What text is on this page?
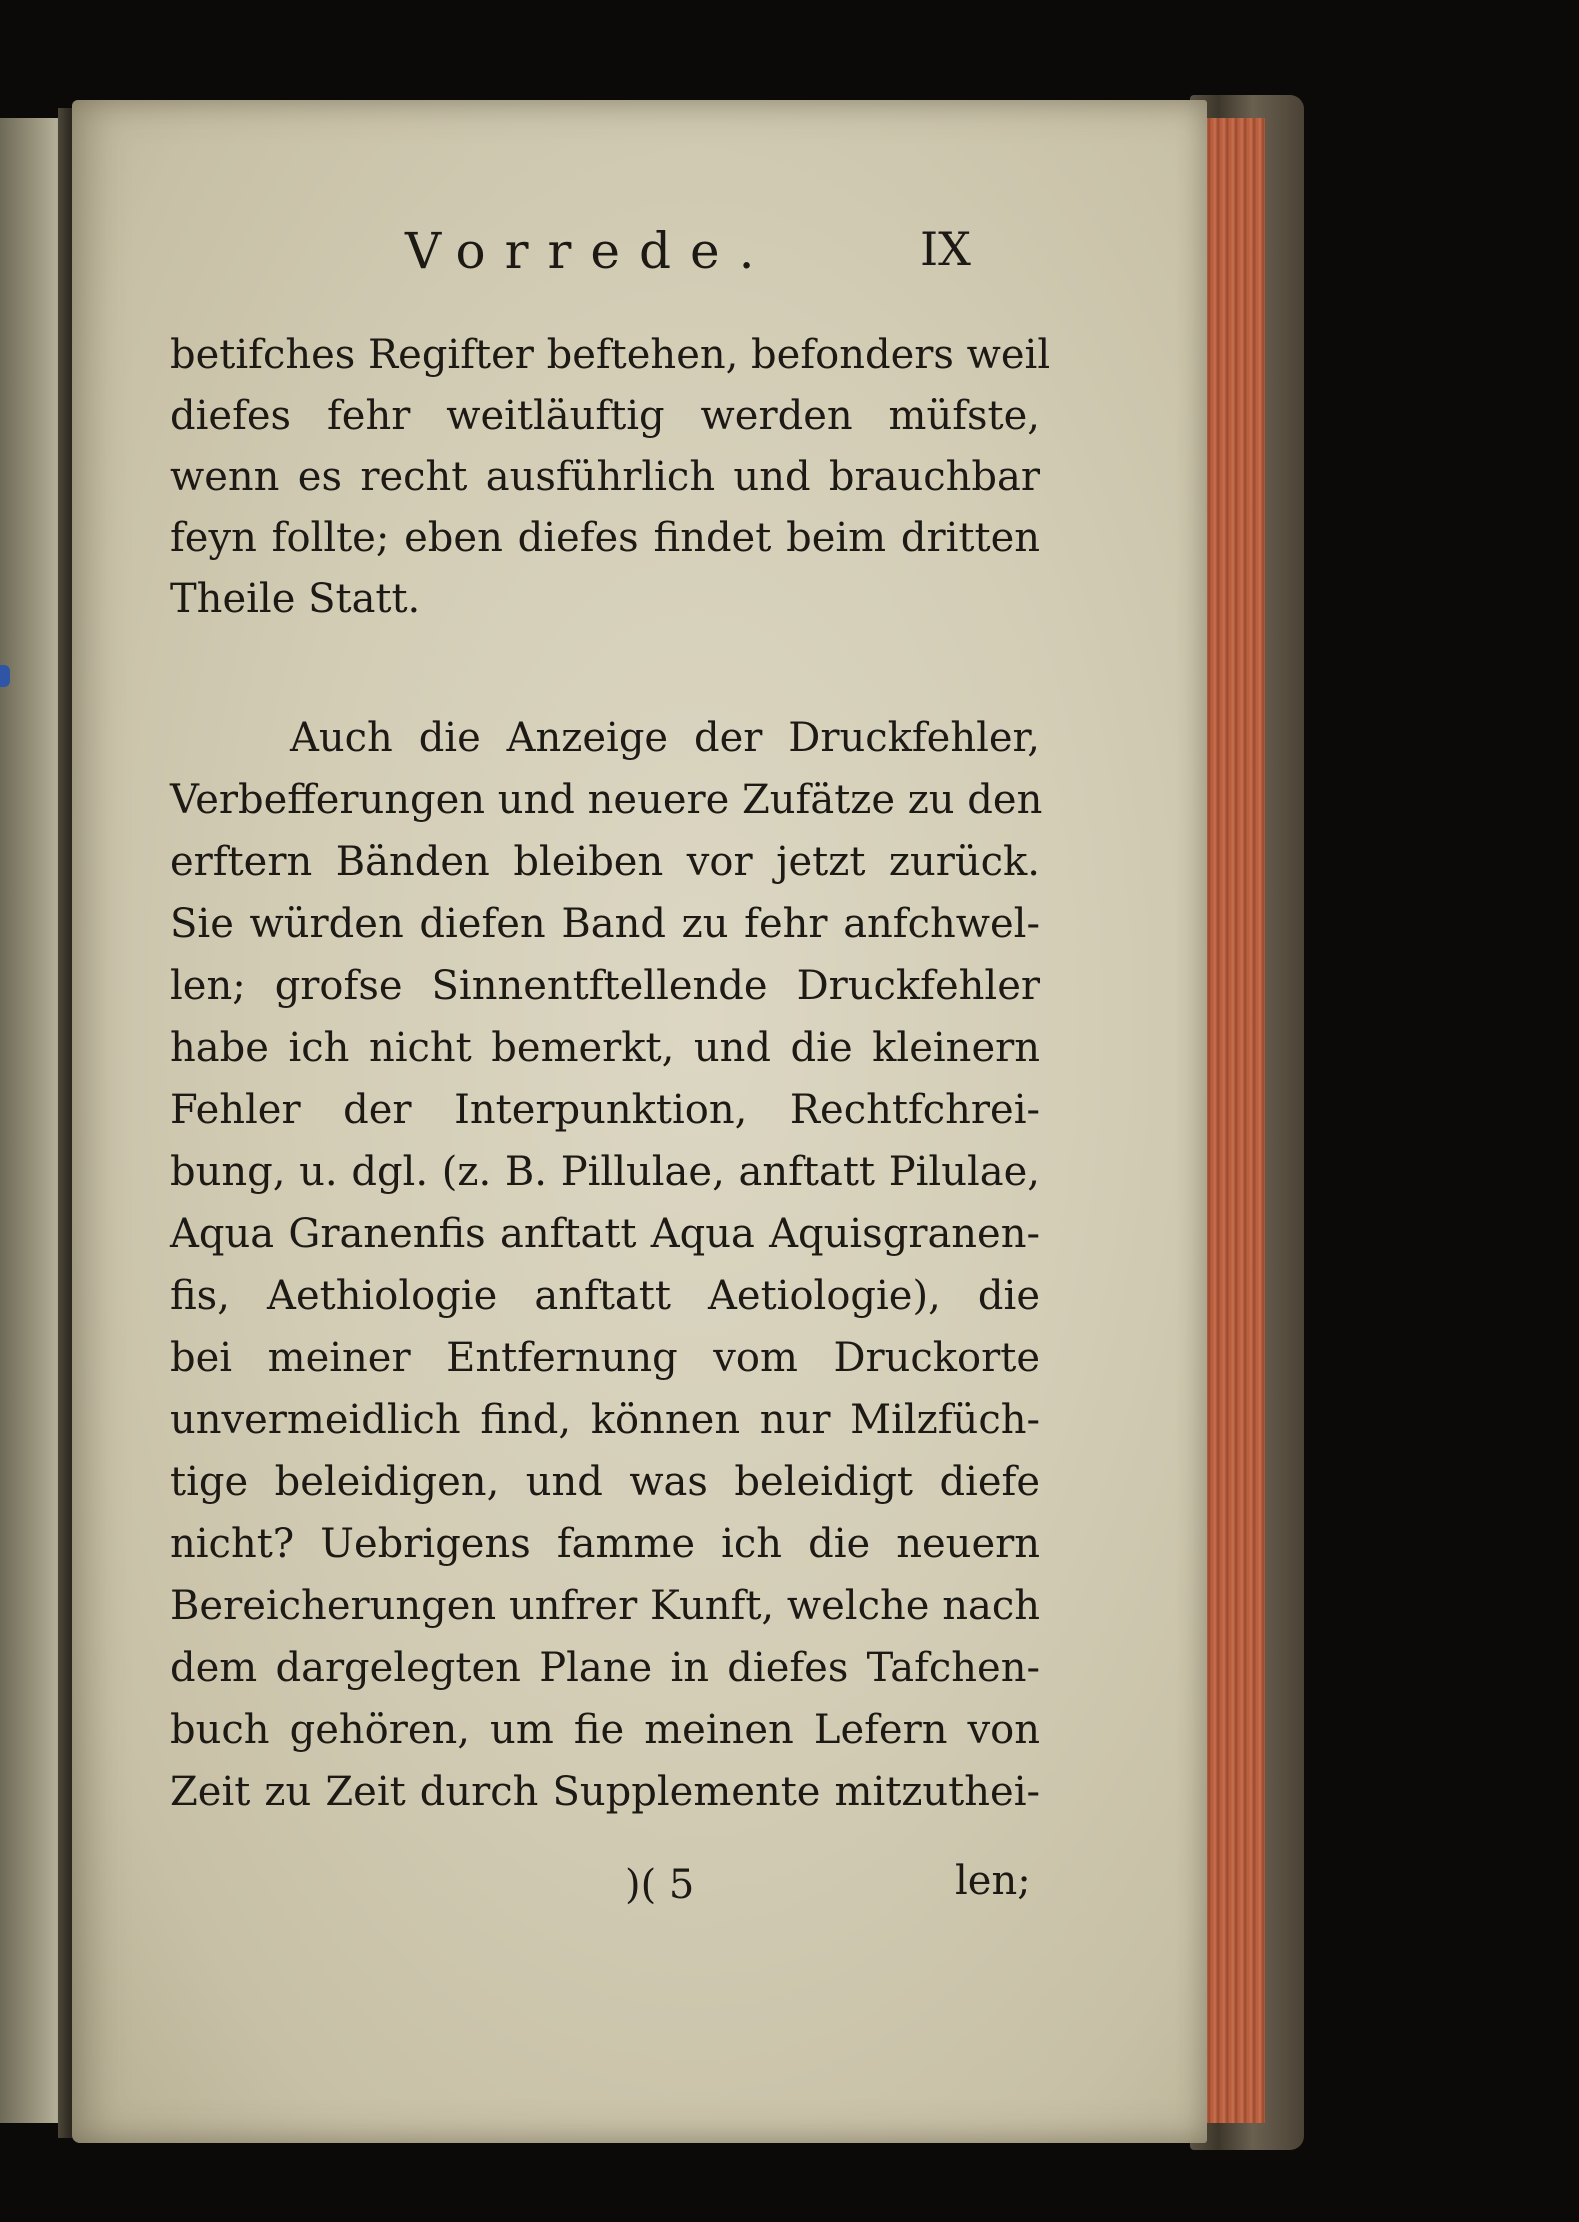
Vorrede.	IX
betifches Regifter beftehen, befonders weil
diefes fehr weitläuftig werden müfste,
wenn es recht ausführlich und brauchbar
feyn follte; eben diefes findet beim dritten
Theile Statt.
Auch die Anzeige der Druckfehler,
Verbefferungen und neuere Zufätze zu den
erftern Bänden bleiben vor jetzt zurück.
Sie würden diefen Band zu fehr anfchwel-
len; grofse Sinnentftellende Druckfehler
habe ich nicht bemerkt, und die kleinern
Fehler der Interpunktion, Rechtfchrei-
bung, u. dgl. (z. B. Pillulae, anftatt Pilulae,
Aqua Granenfis anftatt Aqua Aquisgranen-
fis, Aethiologie anftatt Aetiologie), die
bei meiner Entfernung vom Druckorte
unvermeidlich find, können nur Milzfüch-
tige beleidigen, und was beleidigt diefe
nicht? Uebrigens famme ich die neuern
Bereicherungen unfrer Kunft, welche nach
dem dargelegten Plane in diefes Tafchen-
buch gehören, um fie meinen Lefern von
Zeit zu Zeit durch Supplemente mitzuthei-
)( 5	len;
